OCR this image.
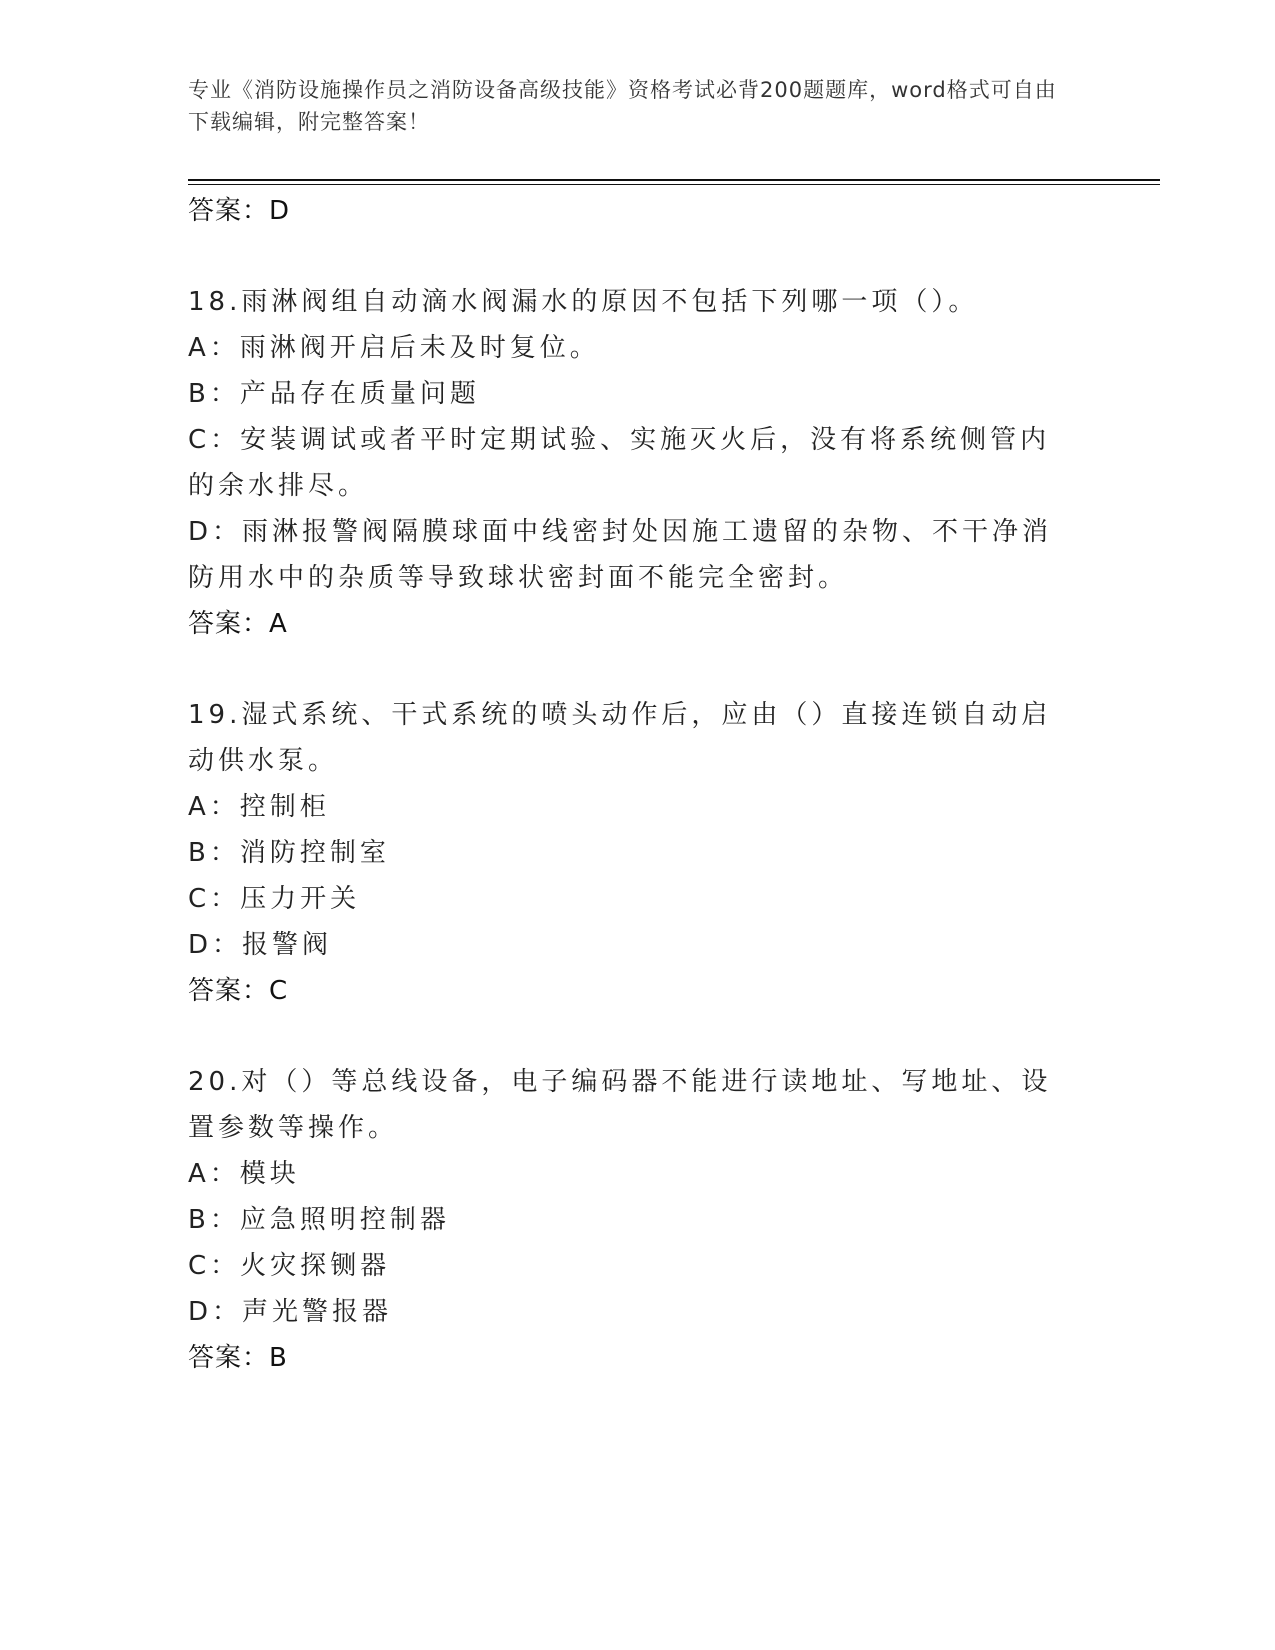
专业《消防设施操作员之消防设备高级技能》资格考试必背200题题库，word格式可自由下载编辑，附完整答案！
答案：D
18.雨淋阀组自动滴水阀漏水的原因不包括下列哪一项（）。
A：雨淋阀开启后未及时复位。
B：产品存在质量问题
C：安装调试或者平时定期试验、实施灭火后，没有将系统侧管内的余水排尽。
D：雨淋报警阀隔膜球面中线密封处因施工遗留的杂物、不干净消防用水中的杂质等导致球状密封面不能完全密封。
答案：A
19.湿式系统、干式系统的喷头动作后，应由（）直接连锁自动启动供水泵。
A：控制柜
B：消防控制室
C：压力开关
D：报警阀
答案：C
20.对（）等总线设备，电子编码器不能进行读地址、写地址、设置参数等操作。
A：模块
B：应急照明控制器
C：火灾探铡器
D：声光警报器
答案：B
